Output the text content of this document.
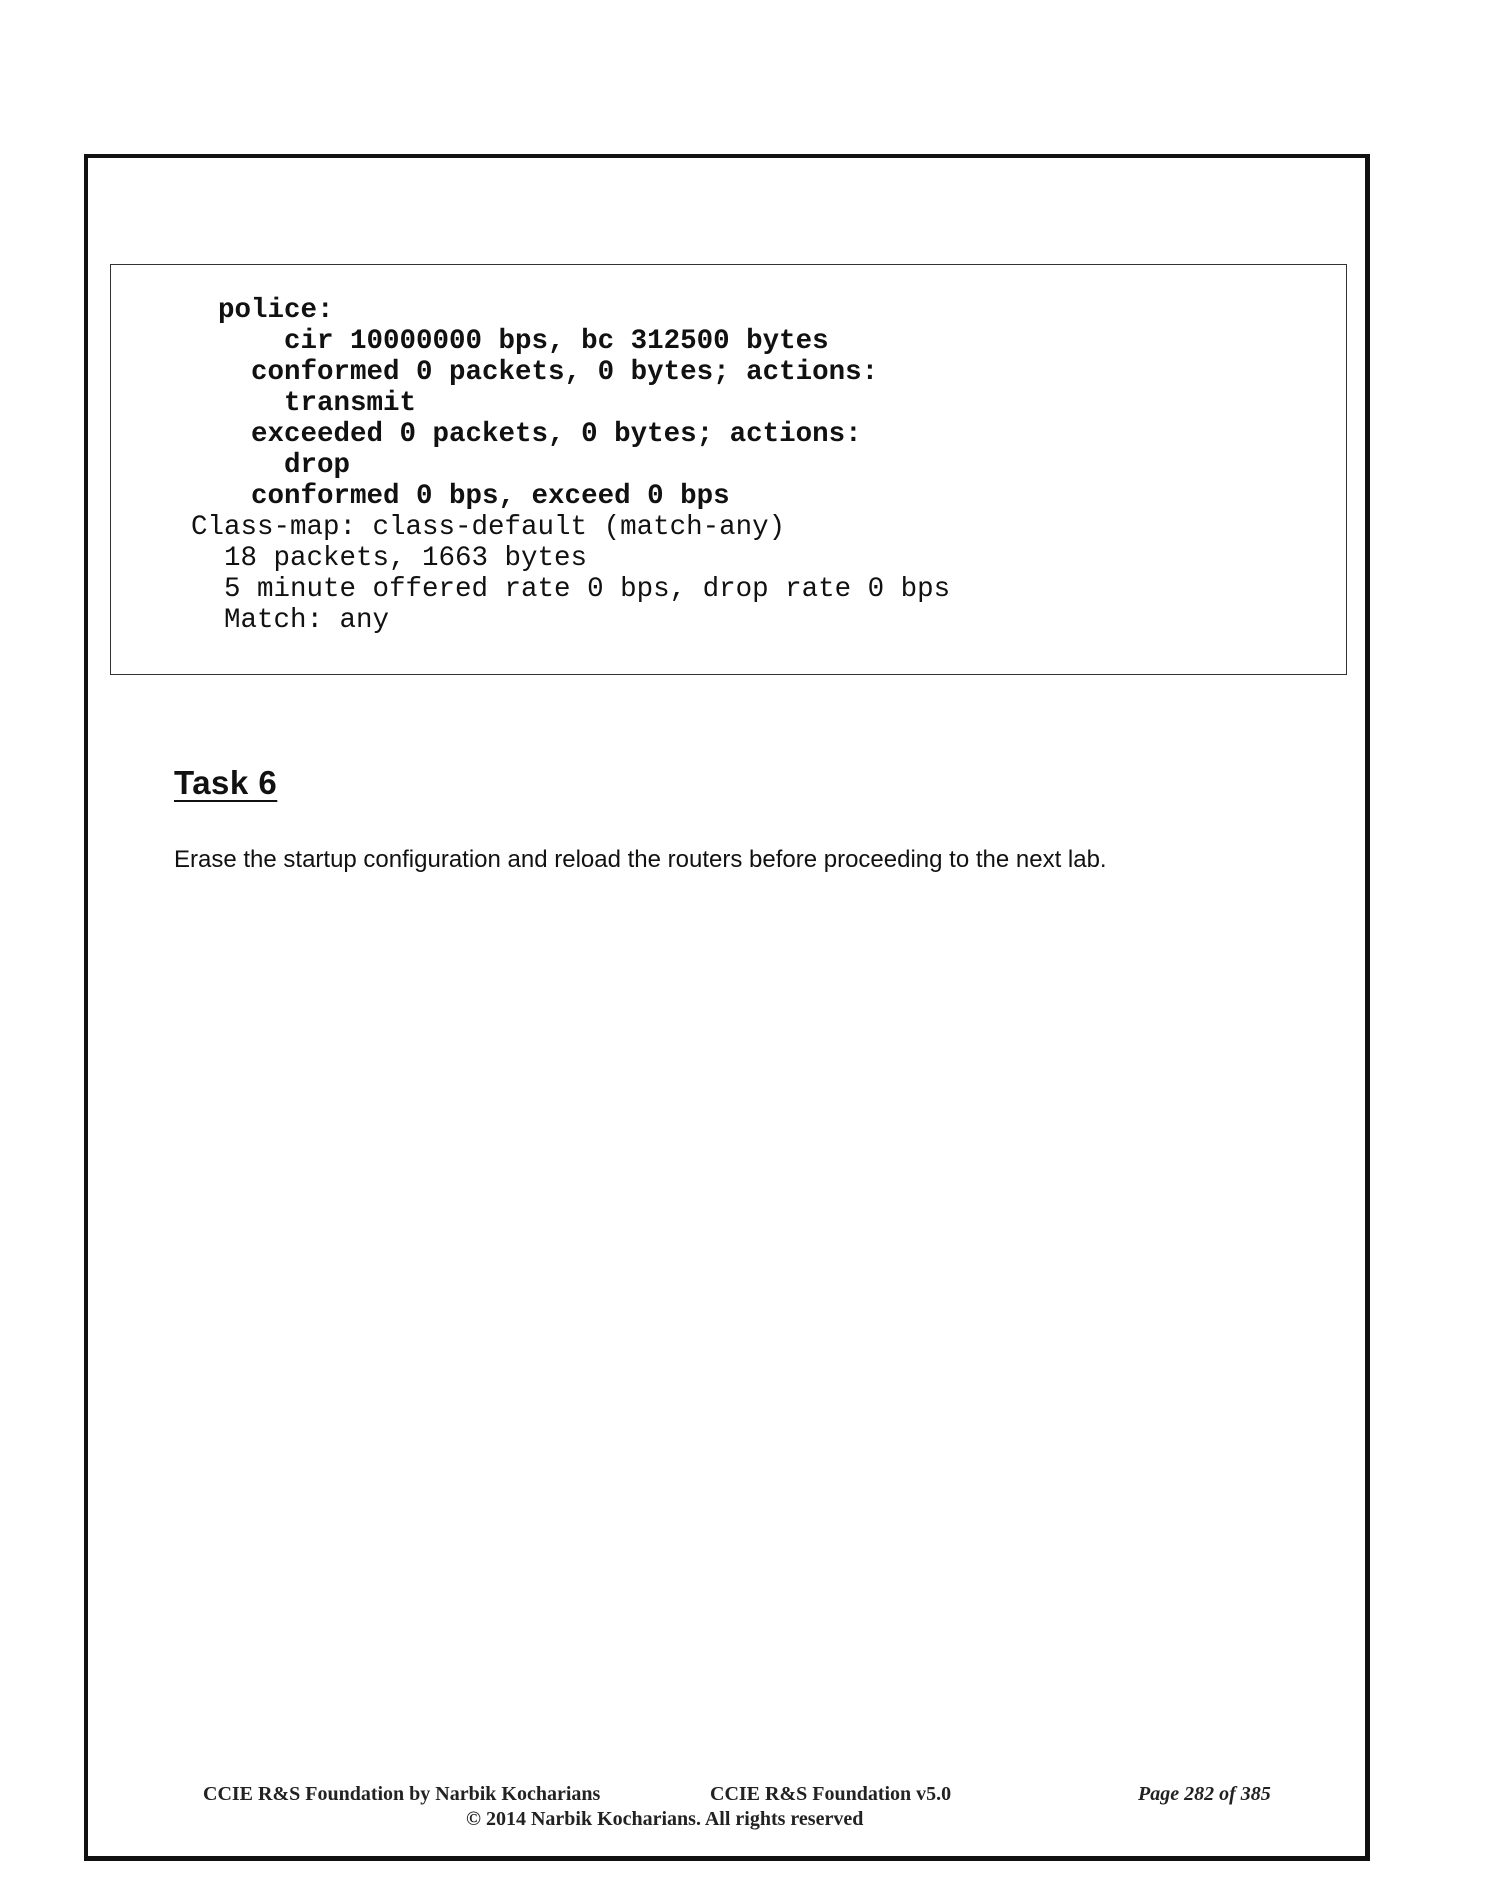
police:
cir 10000000 bps, bc 312500 bytes
conformed 0 packets, 0 bytes; actions:
transmit
exceeded 0 packets, 0 bytes; actions:
drop
conformed 0 bps, exceed 0 bps
Class-map: class-default (match-any)
18 packets, 1663 bytes
5 minute offered rate 0 bps, drop rate 0 bps
Match: any
Task 6
Erase the startup configuration and reload the routers before proceeding to the next lab.
CCIE R&S Foundation by Narbik Kocharians	CCIE R&S Foundation v5.0	Page 282 of 385
© 2014 Narbik Kocharians. All rights reserved
